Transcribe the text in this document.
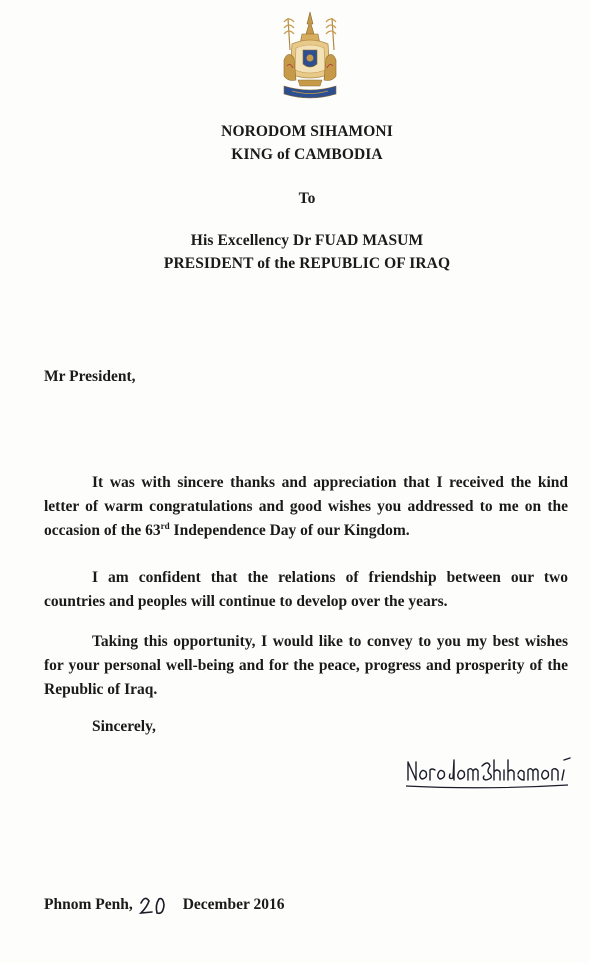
NORODOM SIHAMONI
KING of CAMBODIA
To
His Excellency Dr FUAD MASUM
PRESIDENT of the REPUBLIC OF IRAQ
Mr President,

It was with sincere thanks and appreciation that I received the kind letter of warm congratulations and good wishes you addressed to me on the occasion of the 63rd Independence Day of our Kingdom.

I am confident that the relations of friendship between our two countries and peoples will continue to develop over the years.

Taking this opportunity, I would like to convey to you my best wishes for your personal well-being and for the peace, progress and prosperity of the Republic of Iraq.

Sincerely,
Phnom Penh,	December 2016
